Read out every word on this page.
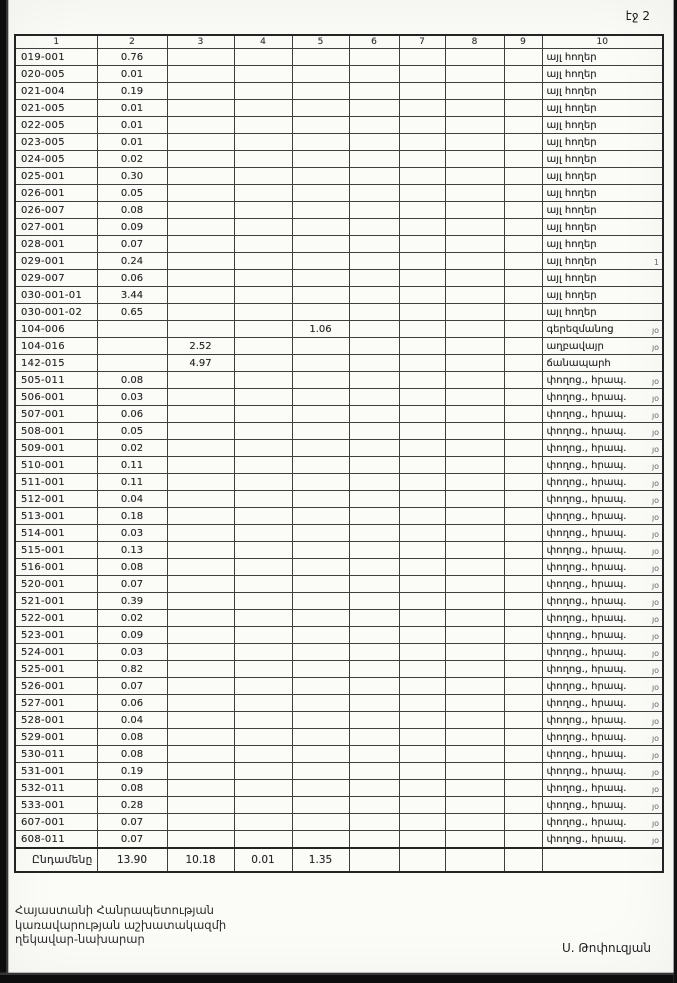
էջ 2
1	2	3	4	5	6	7	8	9	10
019-001	0.76								այլ հողեր
020-005	0.01								այլ հողեր
021-004	0.19								այլ հողեր
021-005	0.01								այլ հողեր
022-005	0.01								այլ հողեր
023-005	0.01								այլ հողեր
024-005	0.02								այլ հողեր
025-001	0.30								այլ հողեր
026-001	0.05								այլ հողեր
026-007	0.08								այլ հողեր
027-001	0.09								այլ հողեր
028-001	0.07								այլ հողեր
029-001	0.24								այլ հողեր 1

029-007	0.06								այլ հողեր
030-001-01	3.44								այլ հողեր
030-001-02	0.65								այլ հողեր
104-006				1.06					գերեզմանոց յօ

104-016		2.52							աղբավայր յօ

142-015		4.97							ճանապարհ
505-011	0.08								փողոց., հրապ. յօ

506-001	0.03								փողոց., հրապ. յօ

507-001	0.06								փողոց., հրապ. յօ

508-001	0.05								փողոց., հրապ. յօ

509-001	0.02								փողոց., հրապ. յօ

510-001	0.11								փողոց., հրապ. յօ

511-001	0.11								փողոց., հրապ. յօ

512-001	0.04								փողոց., հրապ. յօ

513-001	0.18								փողոց., հրապ. յօ

514-001	0.03								փողոց., հրապ. յօ

515-001	0.13								փողոց., հրապ. յօ

516-001	0.08								փողոց., հրապ. յօ

520-001	0.07								փողոց., հրապ. յօ

521-001	0.39								փողոց., հրապ. յօ

522-001	0.02								փողոց., հրապ. յօ

523-001	0.09								փողոց., հրապ. յօ

524-001	0.03								փողոց., հրապ. յօ

525-001	0.82								փողոց., հրապ. յօ

526-001	0.07								փողոց., հրապ. յօ

527-001	0.06								փողոց., հրապ. յօ

528-001	0.04								փողոց., հրապ. յօ

529-001	0.08								փողոց., հրապ. յօ

530-011	0.08								փողոց., հրապ. յօ

531-001	0.19								փողոց., հրապ. յօ

532-011	0.08								փողոց., հրապ. յօ

533-001	0.28								փողոց., հրապ. յօ

607-001	0.07								փողոց., հրապ. յօ

608-011	0.07								փողոց., հրապ. յօ

Ընդամենը	13.90	10.18	0.01	1.35					
Հայաստանի Հանրապետության
կառավարության աշխատակազմի
ղեկավար-նախարար
Ս. Թոփուզյան
